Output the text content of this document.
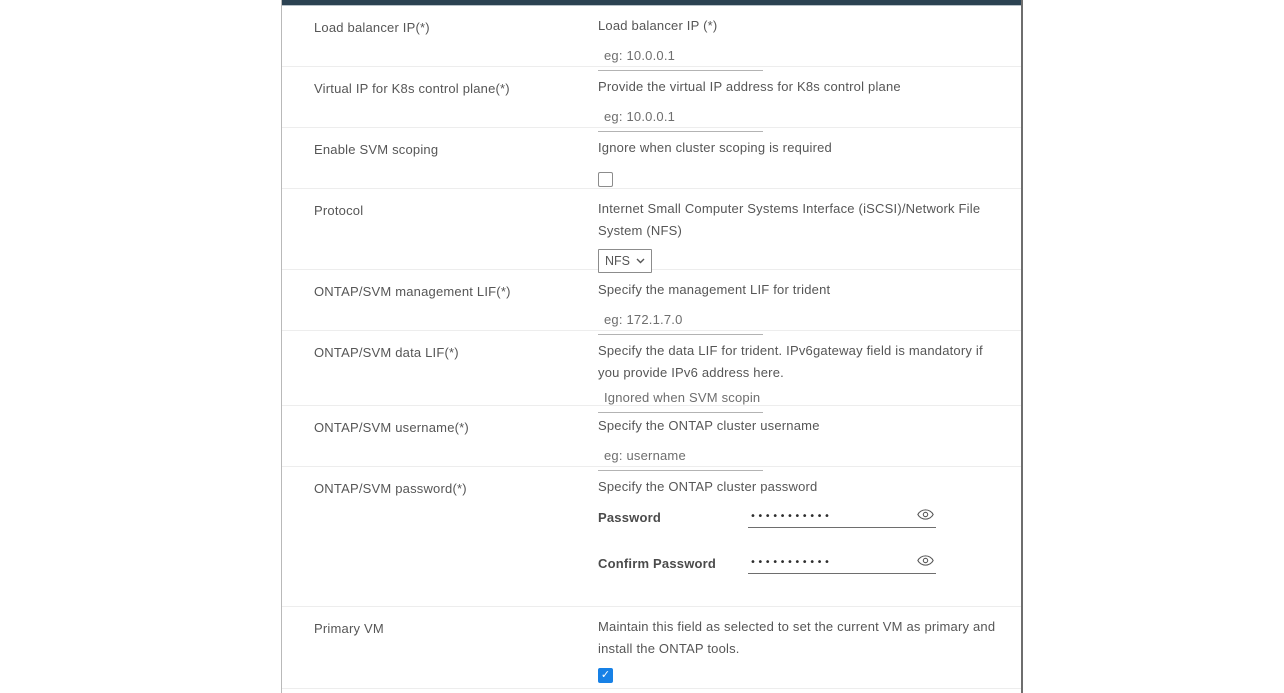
Load balancer IP(*)	Load balancer IP (*)
eg: 10.0.0.1
Virtual IP for K8s control plane(*)	Provide the virtual IP address for K8s control plane
eg: 10.0.0.1
Enable SVM scoping	Ignore when cluster scoping is required
Protocol	Internet Small Computer Systems Interface (iSCSI)/Network File System (NFS)
NFS
ONTAP/SVM management LIF(*)	Specify the management LIF for trident
eg: 172.1.7.0
ONTAP/SVM data LIF(*)	Specify the data LIF for trident. IPv6gateway field is mandatory if you provide IPv6 address here.
Ignored when SVM scopin
ONTAP/SVM username(*)	Specify the ONTAP cluster username
eg: username
ONTAP/SVM password(*)	Specify the ONTAP cluster password
Password
•••••••••••
Confirm Password
•••••••••••
Primary VM	Maintain this field as selected to set the current VM as primary and install the ONTAP tools.
✓
